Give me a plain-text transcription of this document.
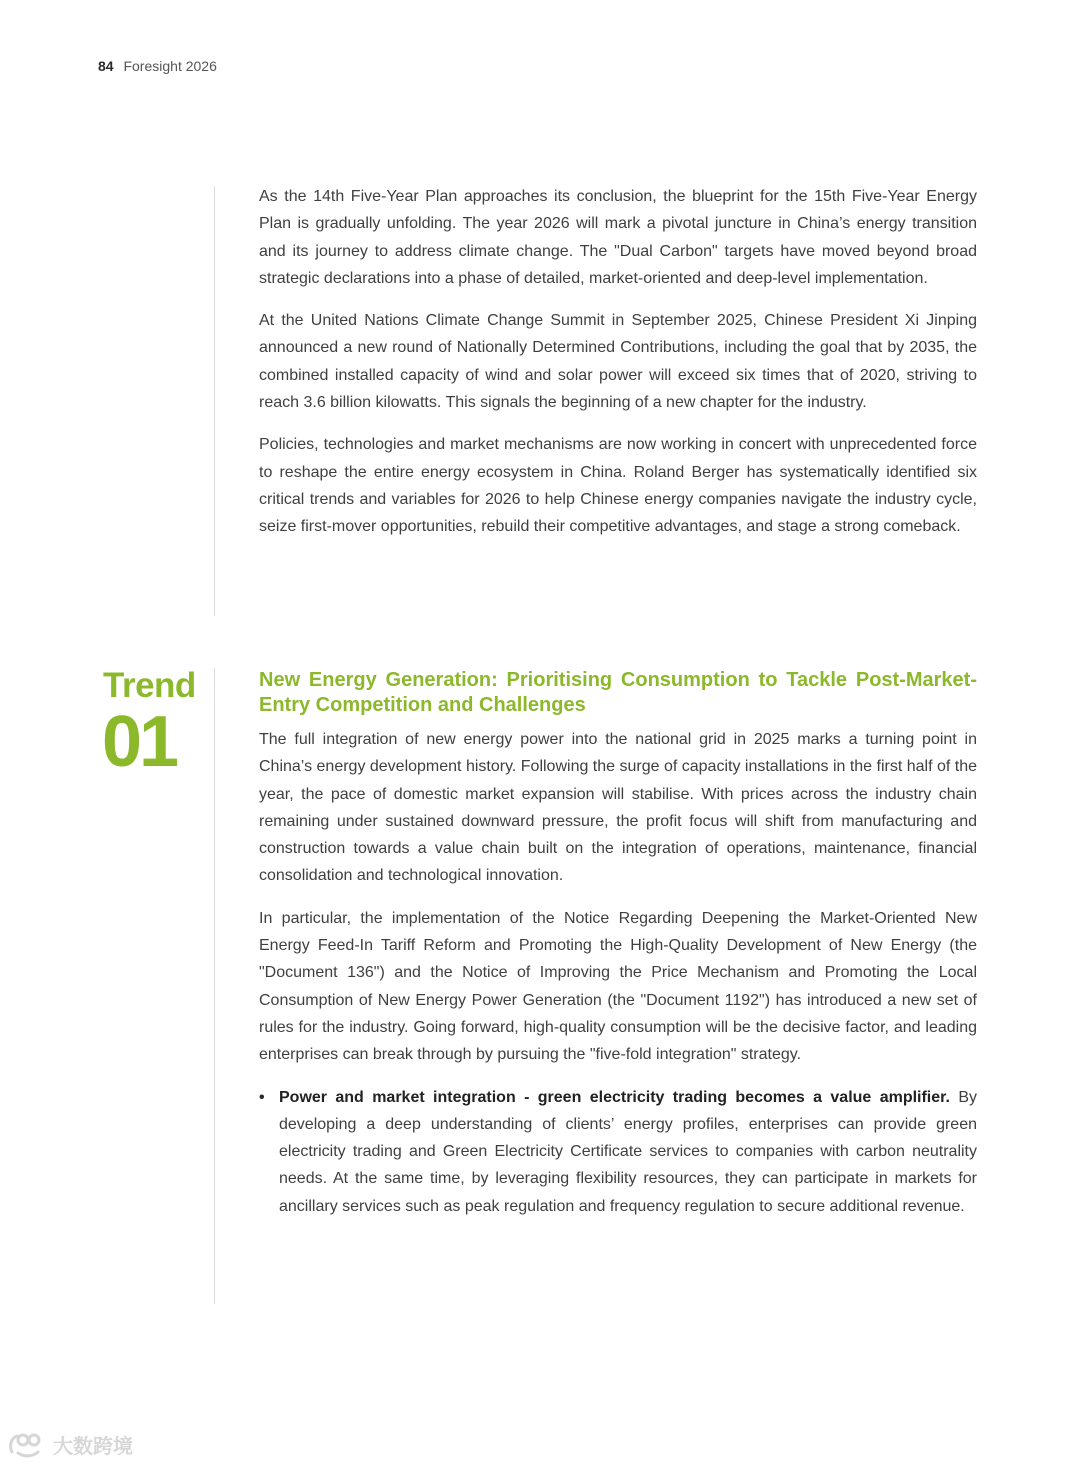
84 Foresight 2026

As the 14th Five-Year Plan approaches its conclusion, the blueprint for the 15th Five-Year Energy Plan is gradually unfolding. The year 2026 will mark a pivotal juncture in China’s energy transition and its journey to address climate change. The "Dual Carbon" targets have moved beyond broad strategic declarations into a phase of detailed, market-oriented and deep-level implementation.

At the United Nations Climate Change Summit in September 2025, Chinese President Xi Jinping announced a new round of Nationally Determined Contributions, including the goal that by 2035, the combined installed capacity of wind and solar power will exceed six times that of 2020, striving to reach 3.6 billion kilowatts. This signals the beginning of a new chapter for the industry.

Policies, technologies and market mechanisms are now working in concert with unprecedented force to reshape the entire energy ecosystem in China. Roland Berger has systematically identified six critical trends and variables for 2026 to help Chinese energy companies navigate the industry cycle, seize first-mover opportunities, rebuild their competitive advantages, and stage a strong comeback.

Trend
01
New Energy Generation: Prioritising Consumption to Tackle Post-Market-Entry Competition and Challenges

The full integration of new energy power into the national grid in 2025 marks a turning point in China’s energy development history. Following the surge of capacity installations in the first half of the year, the pace of domestic market expansion will stabilise. With prices across the industry chain remaining under sustained downward pressure, the profit focus will shift from manufacturing and construction towards a value chain built on the integration of operations, maintenance, financial consolidation and technological innovation.

In particular, the implementation of the Notice Regarding Deepening the Market-Oriented New Energy Feed-In Tariff Reform and Promoting the High-Quality Development of New Energy (the "Document 136") and the Notice of Improving the Price Mechanism and Promoting the Local Consumption of New Energy Power Generation (the "Document 1192") has introduced a new set of rules for the industry. Going forward, high-quality consumption will be the decisive factor, and leading enterprises can break through by pursuing the "five-fold integration" strategy.

• Power and market integration - green electricity trading becomes a value amplifier. By developing a deep understanding of clients’ energy profiles, enterprises can provide green electricity trading and Green Electricity Certificate services to companies with carbon neutrality needs. At the same time, by leveraging flexibility resources, they can participate in markets for ancillary services such as peak regulation and frequency regulation to secure additional revenue.
大数跨境
